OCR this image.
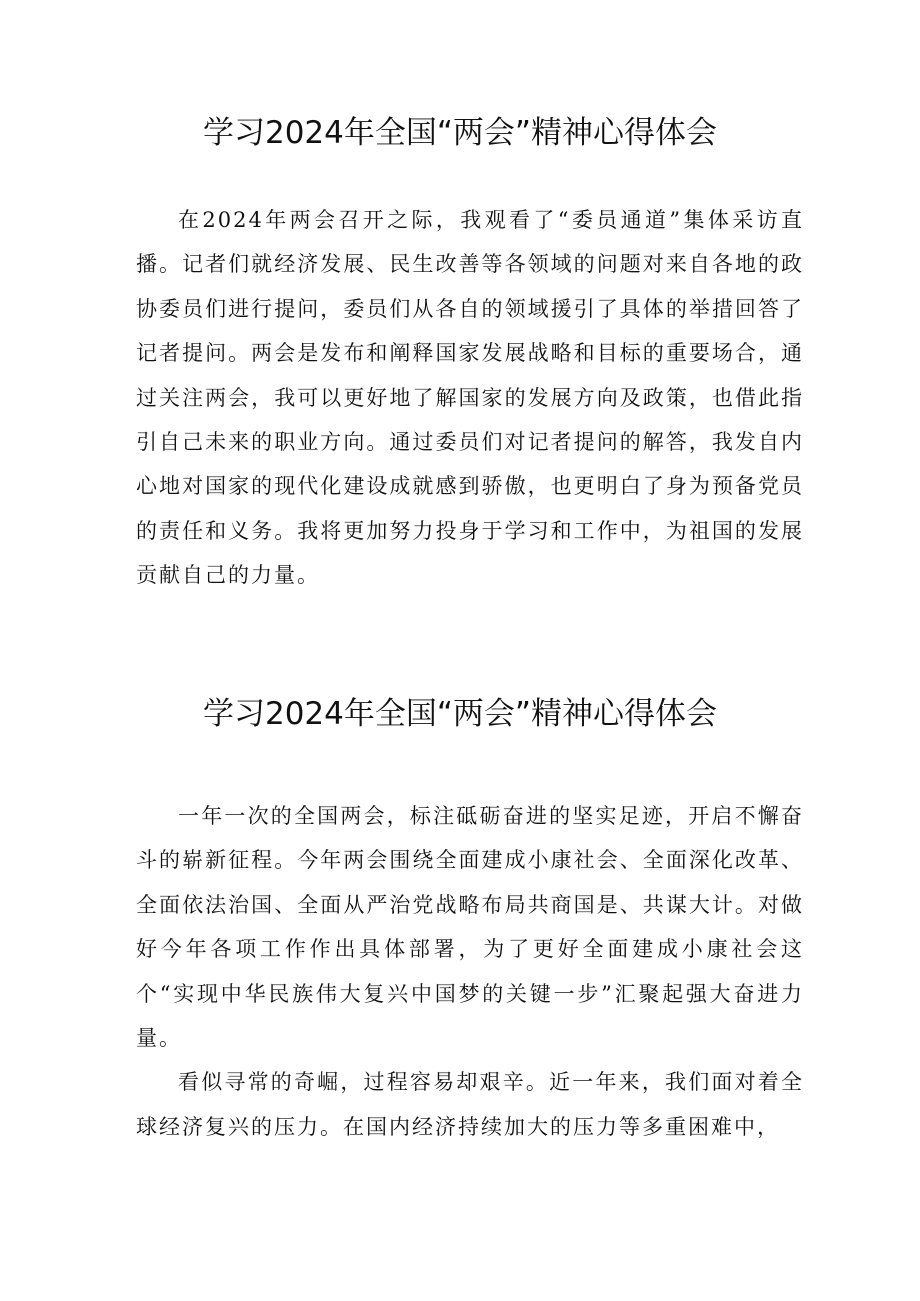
学习2024年全国“两会”精神心得体会

在2024年两会召开之际，我观看了“委员通道”集体采访直播。记者们就经济发展、民生改善等各领域的问题对来自各地的政协委员们进行提问，委员们从各自的领域援引了具体的举措回答了记者提问。两会是发布和阐释国家发展战略和目标的重要场合，通过关注两会，我可以更好地了解国家的发展方向及政策，也借此指引自己未来的职业方向。通过委员们对记者提问的解答，我发自内心地对国家的现代化建设成就感到骄傲，也更明白了身为预备党员的责任和义务。我将更加努力投身于学习和工作中，为祖国的发展贡献自己的力量。

学习2024年全国“两会”精神心得体会

一年一次的全国两会，标注砥砺奋进的坚实足迹，开启不懈奋斗的崭新征程。今年两会围绕全面建成小康社会、全面深化改革、全面依法治国、全面从严治党战略布局共商国是、共谋大计。对做好今年各项工作作出具体部署，为了更好全面建成小康社会这个“实现中华民族伟大复兴中国梦的关键一步”汇聚起强大奋进力量。

看似寻常的奇崛，过程容易却艰辛。近一年来，我们面对着全球经济复兴的压力。在国内经济持续加大的压力等多重困难中，
